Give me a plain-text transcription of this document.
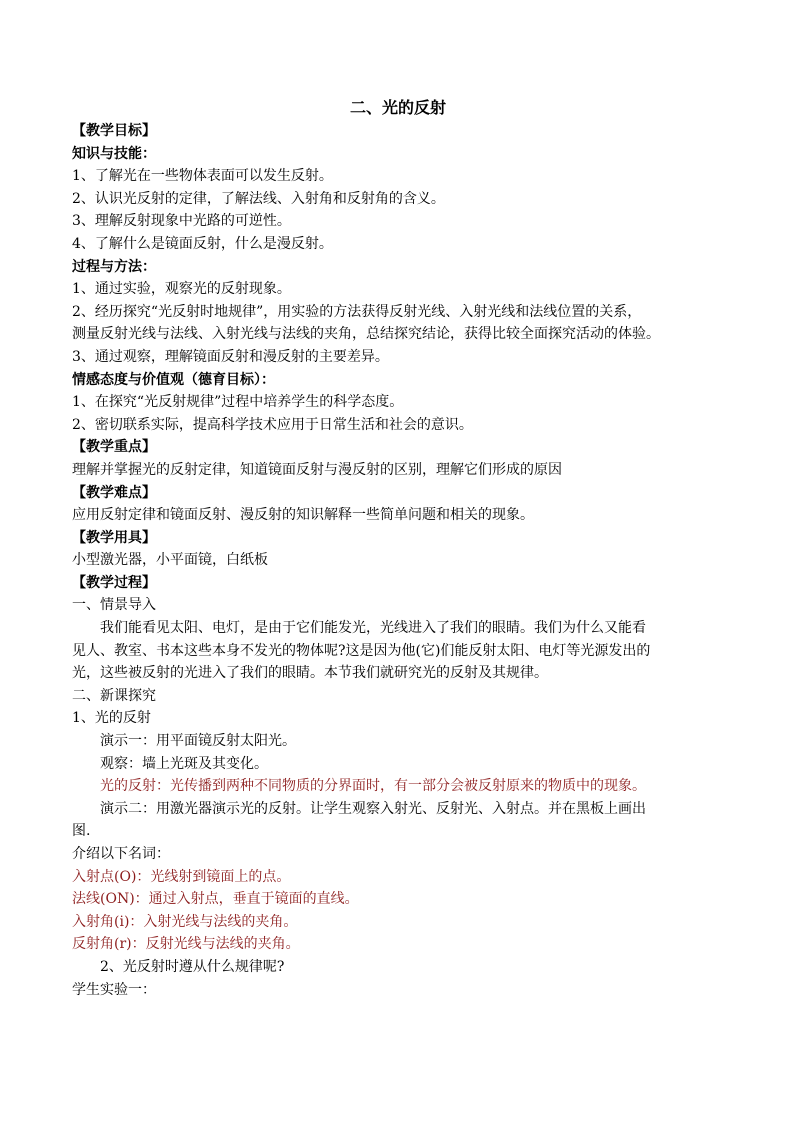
二、光的反射
【教学目标】
知识与技能：
1、了解光在一些物体表面可以发生反射。
2、认识光反射的定律，了解法线、入射角和反射角的含义。
3、理解反射现象中光路的可逆性。
4、了解什么是镜面反射，什么是漫反射。
过程与方法：
1、通过实验，观察光的反射现象。
2、经历探究“光反射时地规律”，用实验的方法获得反射光线、入射光线和法线位置的关系，
测量反射光线与法线、入射光线与法线的夹角，总结探究结论，获得比较全面探究活动的体验。
3、通过观察，理解镜面反射和漫反射的主要差异。
情感态度与价值观（德育目标）：
1、在探究“光反射规律”过程中培养学生的科学态度。
2、密切联系实际，提高科学技术应用于日常生活和社会的意识。
【教学重点】
理解并掌握光的反射定律，知道镜面反射与漫反射的区别，理解它们形成的原因
【教学难点】
应用反射定律和镜面反射、漫反射的知识解释一些简单问题和相关的现象。
【教学用具】
小型激光器，小平面镜，白纸板
【教学过程】
一、情景导入
我们能看见太阳、电灯，是由于它们能发光，光线进入了我们的眼睛。我们为什么又能看
见人、教室、书本这些本身不发光的物体呢?这是因为他(它)们能反射太阳、电灯等光源发出的
光，这些被反射的光进入了我们的眼睛。本节我们就研究光的反射及其规律。
二、新课探究
1、光的反射
演示一：用平面镜反射太阳光。
观察：墙上光斑及其变化。
光的反射：光传播到两种不同物质的分界面时，有一部分会被反射原来的物质中的现象。
演示二：用激光器演示光的反射。让学生观察入射光、反射光、入射点。并在黑板上画出
图.
介绍以下名词：
入射点(O)：光线射到镜面上的点。
法线(ON)：通过入射点，垂直于镜面的直线。
入射角(i)：入射光线与法线的夹角。
反射角(r)：反射光线与法线的夹角。
2、光反射时遵从什么规律呢?
学生实验一：
